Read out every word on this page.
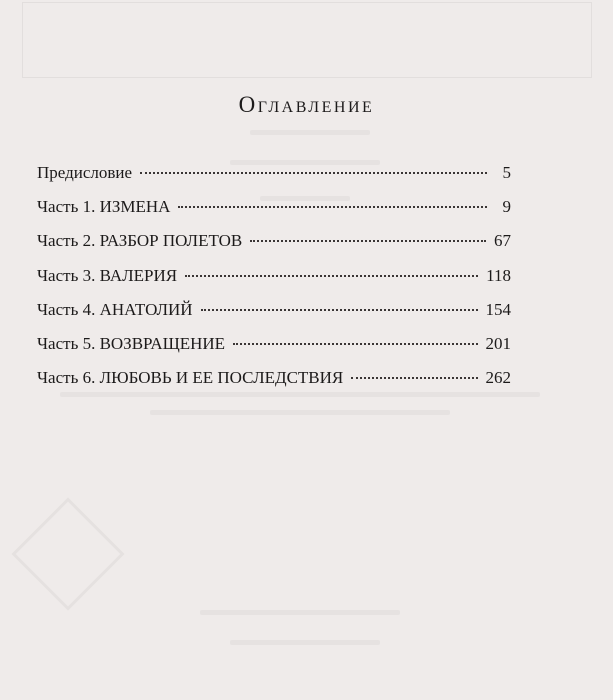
Оглавление
Предисловие	5
Часть 1. ИЗМЕНА	9
Часть 2. РАЗБОР ПОЛЕТОВ	67
Часть 3. ВАЛЕРИЯ	118
Часть 4. АНАТОЛИЙ	154
Часть 5. ВОЗВРАЩЕНИЕ	201
Часть 6. ЛЮБОВЬ И ЕЕ ПОСЛЕДСТВИЯ	262
